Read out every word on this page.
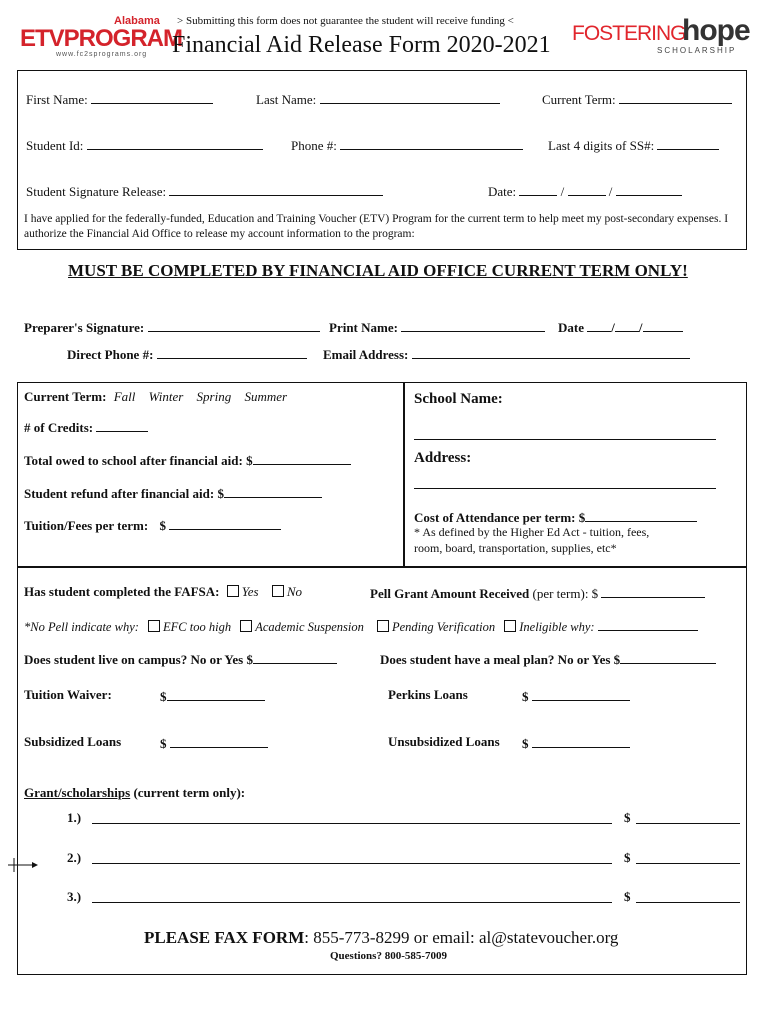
Alabama
ETVPROGRAM
www.fc2sprograms.org
> Submitting this form does not guarantee the student will receive funding <
Financial Aid Release Form 2020-2021 FOSTERING
hope
SCHOLARSHIP
First Name:	Last Name:	Current Term:
Student Id:	Phone #:	Last 4 digits of SS#:
Student Signature Release:	Date:	/	/
I have applied for the federally-funded, Education and Training Voucher (ETV) Program for the current term to help meet my post-secondary expenses. I authorize the Financial Aid Office to release my account information to the program:
MUST BE COMPLETED BY FINANCIAL AID OFFICE CURRENT TERM ONLY!
Preparer's Signature:	Print Name:	Date / /
Direct Phone #:	Email Address:
Current Term: Fall Winter Spring Summer
# of Credits:
Total owed to school after financial aid: $
Student refund after financial aid: $
Tuition/Fees per term: $
School Name:
Address:
Cost of Attendance per term: $
* As defined by the Higher Ed Act - tuition, fees,
room, board, transportation, supplies, etc*
Has student completed the FAFSA: Yes No	Pell Grant Amount Received (per term): $
*No Pell indicate why: EFC too high Academic Suspension Pending Verification Ineligible why:
Does student live on campus? No or Yes $	Does student have a meal plan? No or Yes $
Tuition Waiver:	$	Perkins Loans	$
Subsidized Loans	$	Unsubsidized Loans $
Grant/scholarships (current term only):
1.)	$
2.)	$
3.)	$
PLEASE FAX FORM: 855-773-8299 or email: al@statevoucher.org
Questions? 800-585-7009
